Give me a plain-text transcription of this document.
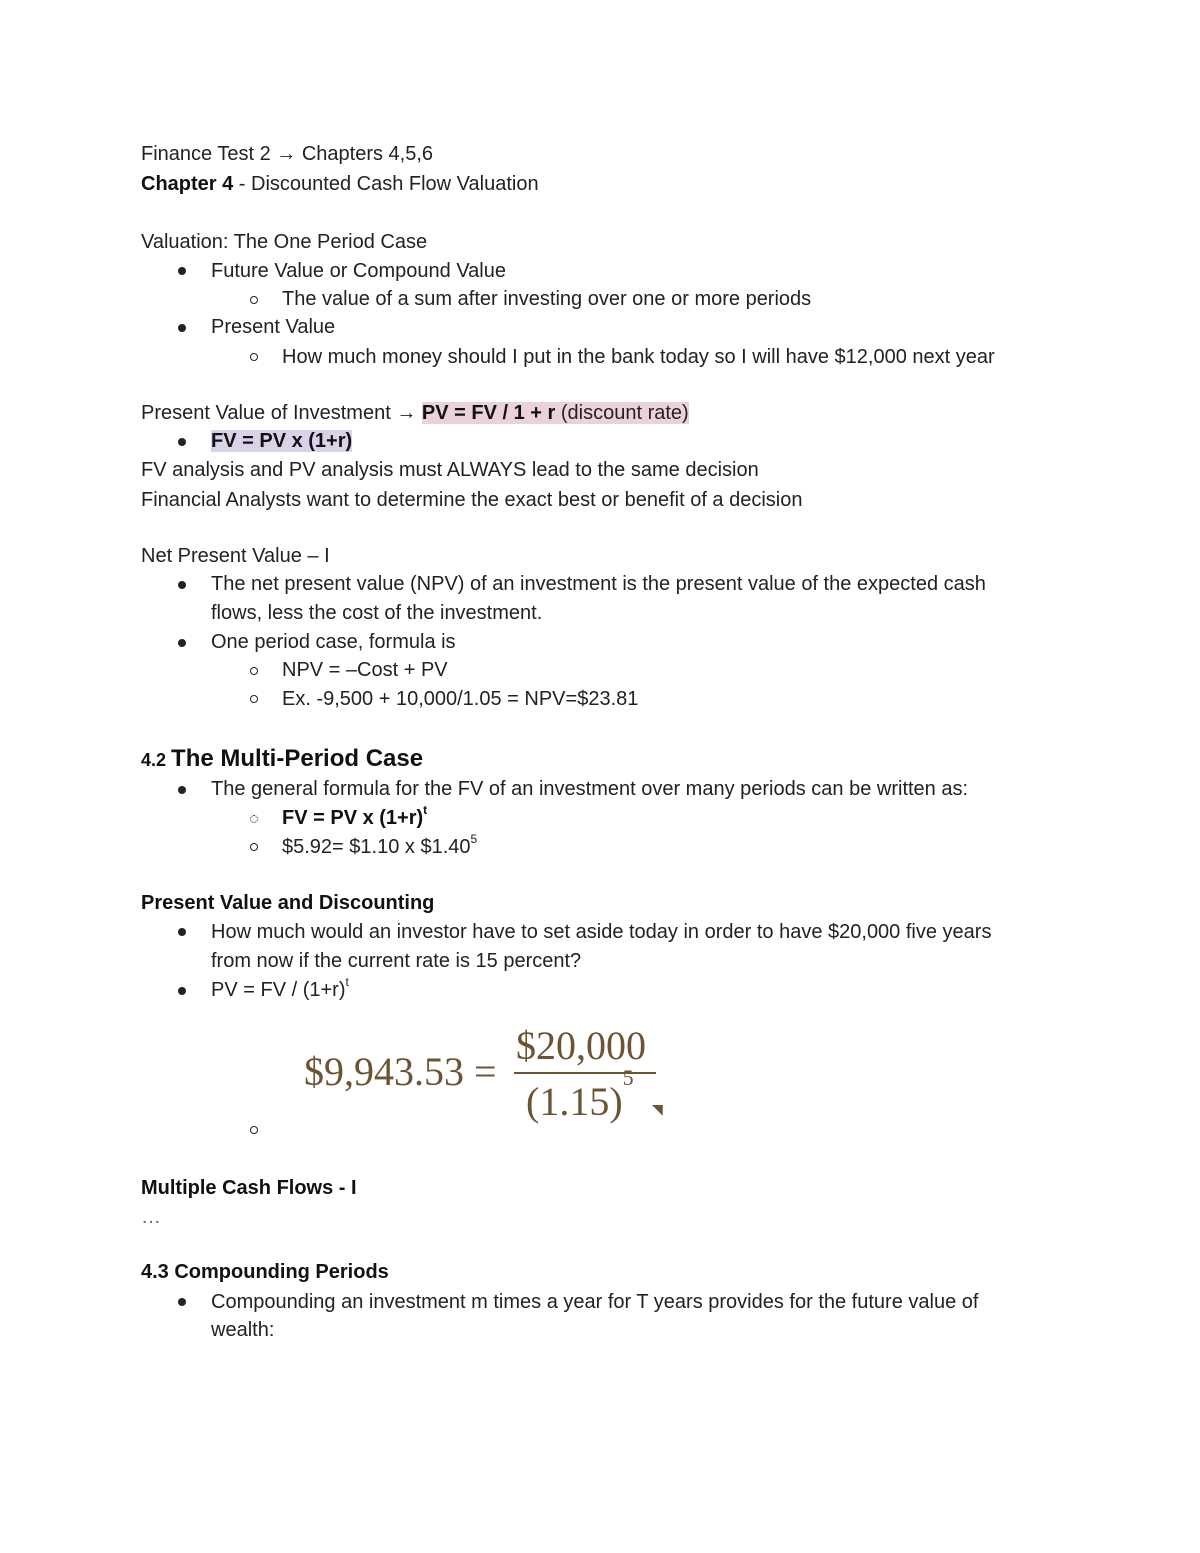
Finance Test 2 → Chapters 4,5,6
Chapter 4 - Discounted Cash Flow Valuation
Valuation: The One Period Case
Future Value or Compound Value
The value of a sum after investing over one or more periods
Present Value
How much money should I put in the bank today so I will have $12,000 next year
Present Value of Investment → PV = FV / 1 + r (discount rate)
FV = PV x (1+r)
FV analysis and PV analysis must ALWAYS lead to the same decision
Financial Analysts want to determine the exact best or benefit of a decision
Net Present Value – I
The net present value (NPV) of an investment is the present value of the expected cash
flows, less the cost of the investment.
One period case, formula is
NPV = –Cost + PV
Ex. -9,500 + 10,000/1.05 = NPV=$23.81
4.2 The Multi-Period Case
The general formula for the FV of an investment over many periods can be written as:
FV = PV x $(1+r)^t$
$5.92= $1.10 x $1.40$^5$
Present Value and Discounting
How much would an investor have to set aside today in order to have $20,000 five years
from now if the current rate is 15 percent?
PV = FV / $(1+r)^t$
$9,943.53 =
$20,000
$(1.15)^5$
◥
Multiple Cash Flows - I
…
4.3 Compounding Periods
Compounding an investment m times a year for T years provides for the future value of
wealth:
